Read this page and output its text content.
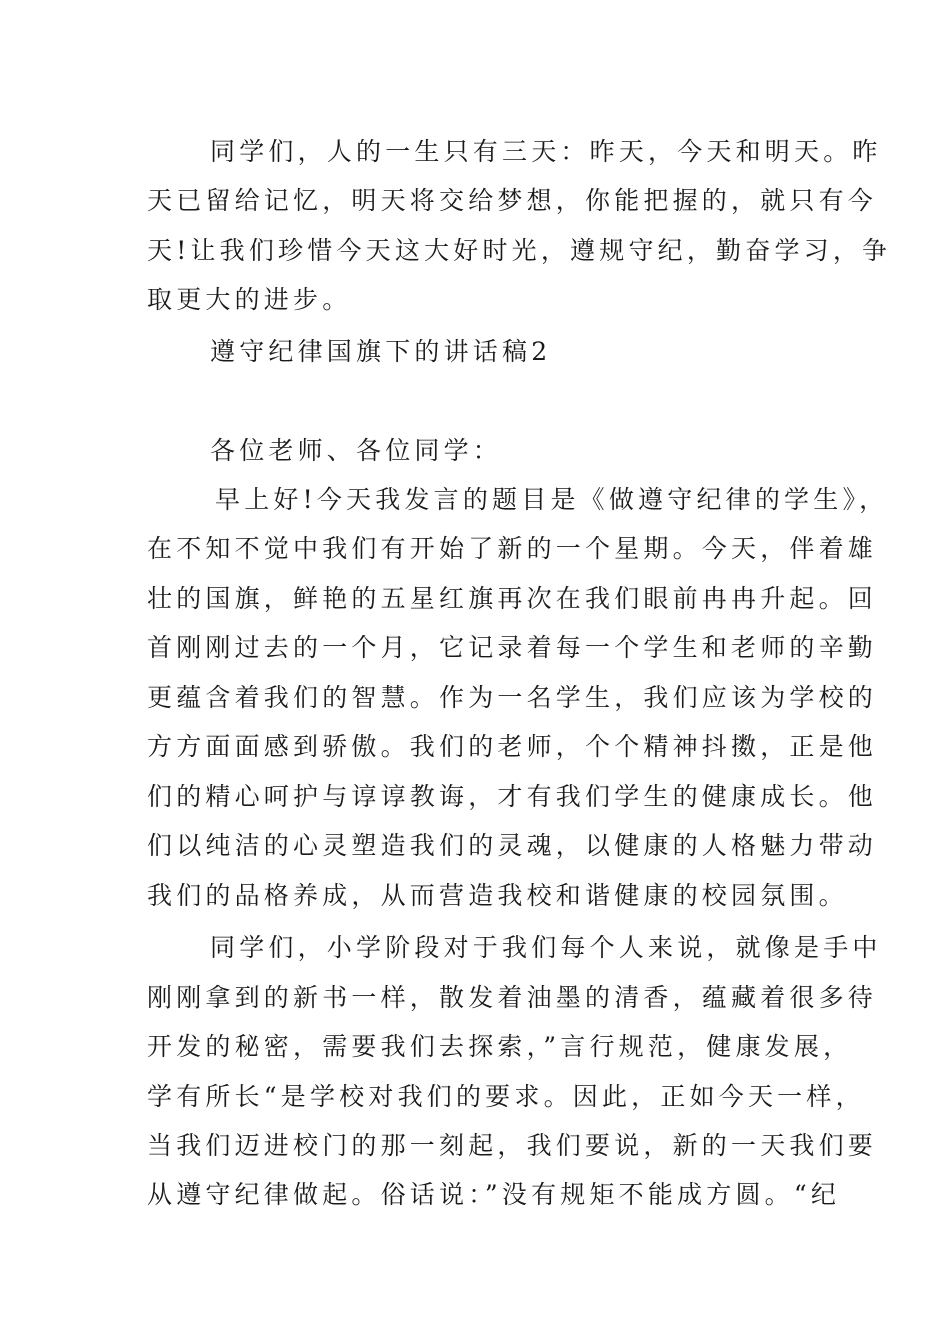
同学们，人的一生只有三天：昨天，今天和明天。昨
天已留给记忆，明天将交给梦想，你能把握的，就只有今
天!让我们珍惜今天这大好时光，遵规守纪，勤奋学习，争
取更大的进步。
遵守纪律国旗下的讲话稿2
各位老师、各位同学：
早上好!今天我发言的题目是《做遵守纪律的学生》，
在不知不觉中我们有开始了新的一个星期。今天，伴着雄
壮的国旗，鲜艳的五星红旗再次在我们眼前冉冉升起。回
首刚刚过去的一个月，它记录着每一个学生和老师的辛勤
更蕴含着我们的智慧。作为一名学生，我们应该为学校的
方方面面感到骄傲。我们的老师，个个精神抖擞，正是他
们的精心呵护与谆谆教诲，才有我们学生的健康成长。他
们以纯洁的心灵塑造我们的灵魂，以健康的人格魅力带动
我们的品格养成，从而营造我校和谐健康的校园氛围。
同学们，小学阶段对于我们每个人来说，就像是手中
刚刚拿到的新书一样，散发着油墨的清香，蕴藏着很多待
开发的秘密，需要我们去探索，”言行规范，健康发展，
学有所长“是学校对我们的要求。因此，正如今天一样，
当我们迈进校门的那一刻起，我们要说，新的一天我们要
从遵守纪律做起。俗话说：”没有规矩不能成方圆。“纪
